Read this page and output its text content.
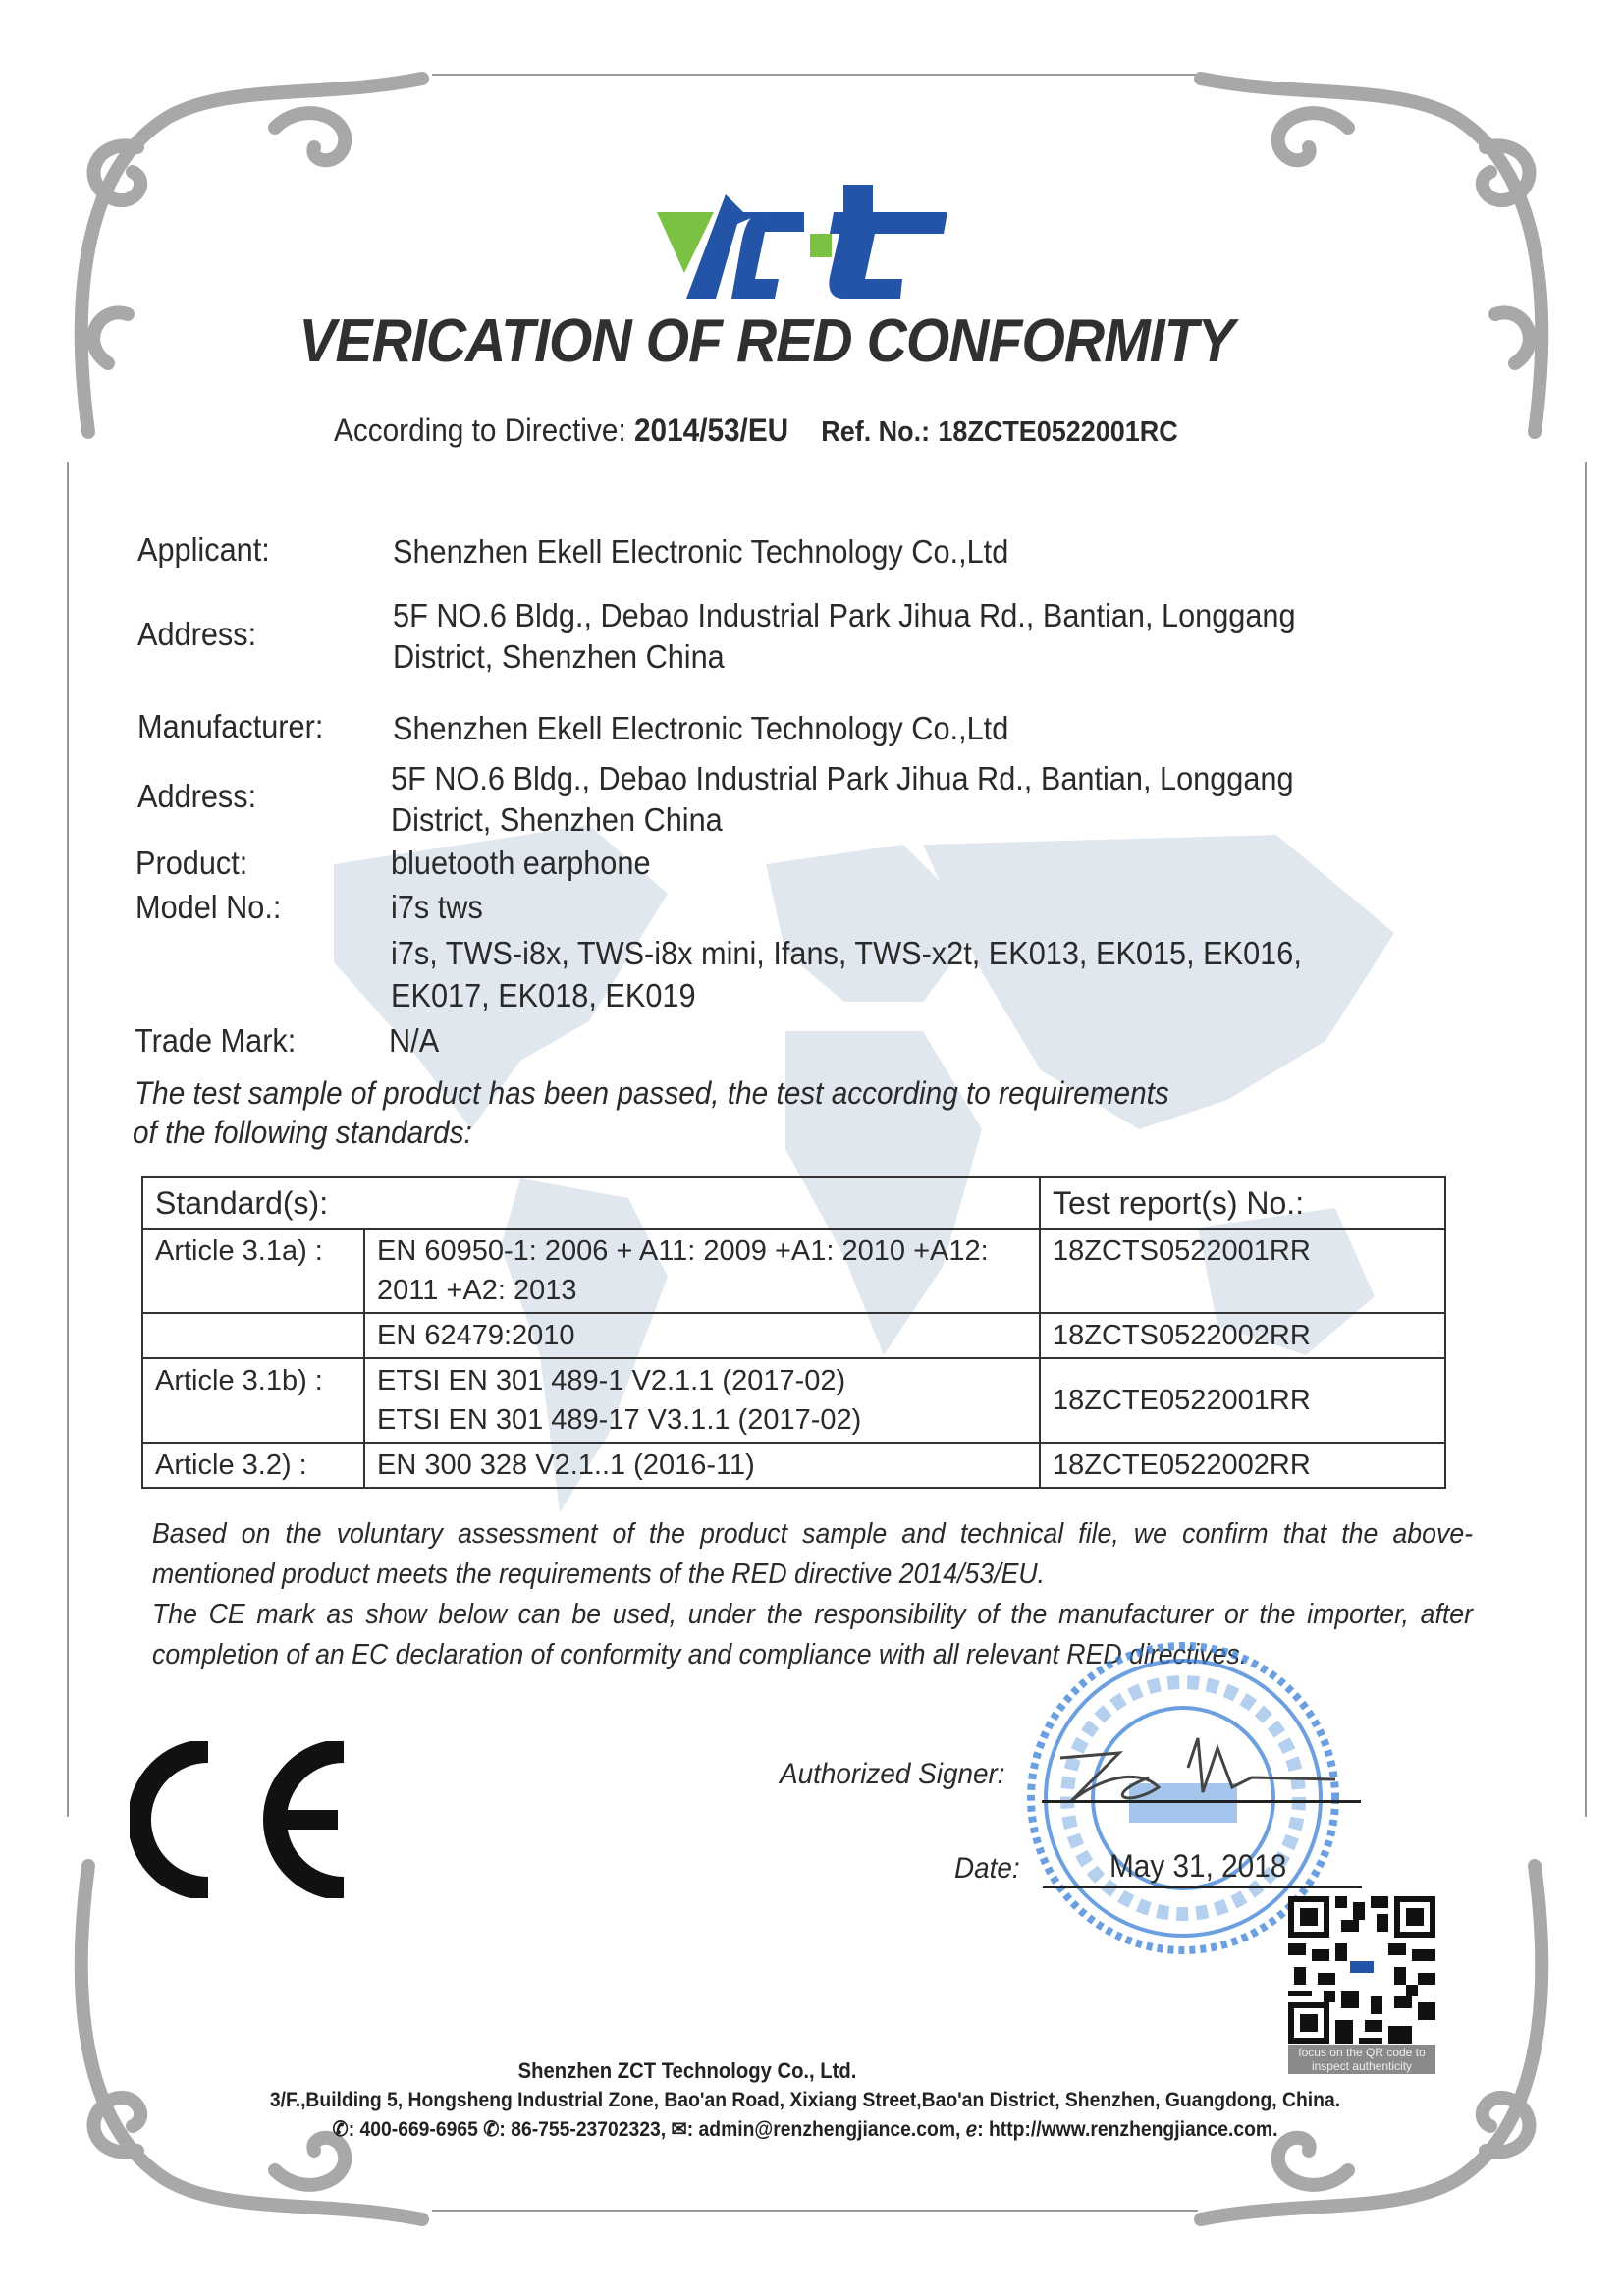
VERICATION OF RED CONFORMITY
According to Directive: 2014/53/EU Ref. No.: 18ZCTE0522001RC
Applicant:	Shenzhen Ekell Electronic Technology Co.,Ltd
Address:
5F NO.6 Bldg., Debao Industrial Park Jihua Rd., Bantian, Longgang
District, Shenzhen China
Manufacturer: Shenzhen Ekell Electronic Technology Co.,Ltd
Address:	5F NO.6 Bldg., Debao Industrial Park Jihua Rd., Bantian, Longgang
District, Shenzhen China
Product:	bluetooth earphone
Model No.:	i7s tws
i7s, TWS-i8x, TWS-i8x mini, Ifans, TWS-x2t, EK013, EK015, EK016,
EK017, EK018, EK019
Trade Mark:	N/A
The test sample of product has been passed, the test according to requirements
of the following standards:
Standard(s):		Test report(s) No.:
Article 3.1a) :	EN 60950-1: 2006 + A11: 2009 +A1: 2010 +A12: 2011 +A2: 2013	18ZCTS0522001RR
	EN 62479:2010	18ZCTS0522002RR
Article 3.1b) :	ETSI EN 301 489-1 V2.1.1 (2017-02)
ETSI EN 301 489-17 V3.1.1 (2017-02)	18ZCTE0522001RR
Article 3.2) :	EN 300 328 V2.1..1 (2016-11)	18ZCTE0522002RR
Based on the voluntary assessment of the product sample and technical file, we confirm that the above-mentioned product meets the requirements of the RED directive 2014/53/EU.
The CE mark as show below can be used, under the responsibility of the manufacturer or the importer, after completion of an EC declaration of conformity and compliance with all relevant RED directives.
Authorized Signer:
Date:	May 31, 2018
focus on the QR code to
inspect authenticity
Shenzhen ZCT Technology Co., Ltd.
3/F.,Building 5, Hongsheng Industrial Zone, Bao'an Road, Xixiang Street,Bao'an District, Shenzhen, Guangdong, China.
✆: 400-669-6965 ✆: 86-755-23702323, ✉: admin@renzhengjiance.com, ℯ: http://www.renzhengjiance.com.
